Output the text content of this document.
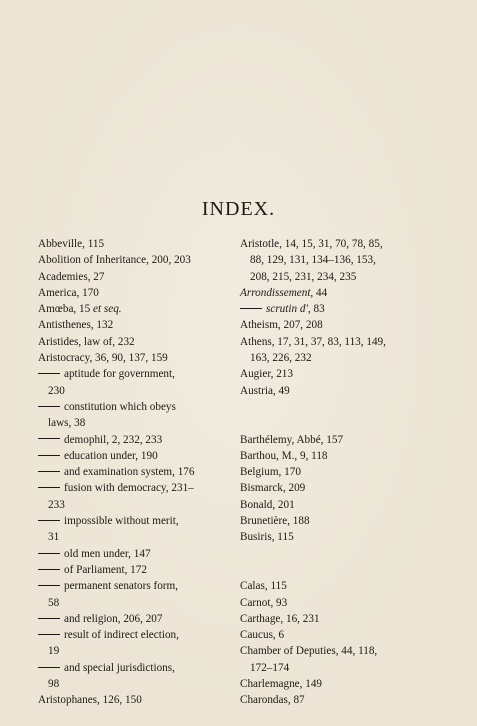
INDEX.
Abbeville, 115
Abolition of Inheritance, 200, 203
Academies, 27
America, 170
Amœba, 15 et seq.
Antisthenes, 132
Aristides, law of, 232
Aristocracy, 36, 90, 137, 159
aptitude for government,
230
constitution which obeys
laws, 38
demophil, 2, 232, 233
education under, 190
and examination system, 176
fusion with democracy, 231–
233
impossible without merit,
31
old men under, 147
of Parliament, 172
permanent senators form,
58
and religion, 206, 207
result of indirect election,
19
and special jurisdictions,
98
Aristophanes, 126, 150
Aristotle, 14, 15, 31, 70, 78, 85,
88, 129, 131, 134–136, 153,
208, 215, 231, 234, 235
Arrondissement, 44
scrutin d', 83
Atheism, 207, 208
Athens, 17, 31, 37, 83, 113, 149,
163, 226, 232
Augier, 213
Austria, 49
Barthélemy, Abbé, 157
Barthou, M., 9, 118
Belgium, 170
Bismarck, 209
Bonald, 201
Brunetière, 188
Busiris, 115
Calas, 115
Carnot, 93
Carthage, 16, 231
Caucus, 6
Chamber of Deputies, 44, 118,
172–174
Charlemagne, 149
Charondas, 87
